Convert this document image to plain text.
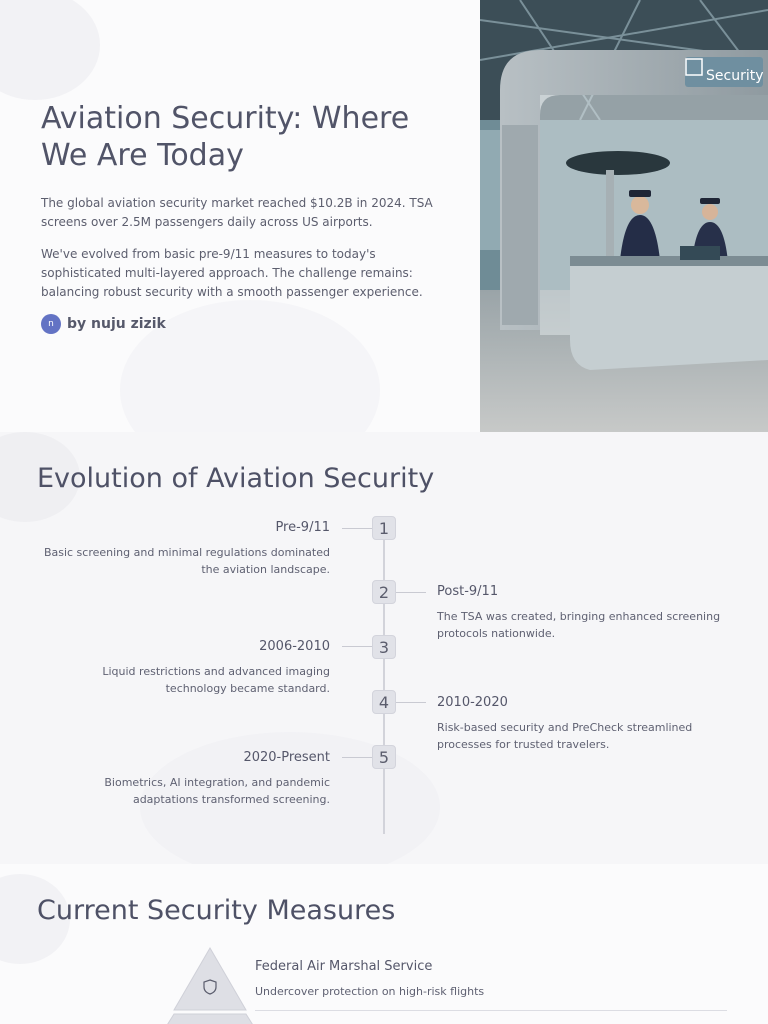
Aviation Security: Where We Are Today

The global aviation security market reached $10.2B in 2024. TSA screens over 2.5M passengers daily across US airports.

We've evolved from basic pre-9/11 measures to today's sophisticated multi-layered approach. The challenge remains: balancing robust security with a smooth passenger experience.

n by nuju zizik
Security
Evolution of Aviation Security
1
2
3
4
5
Pre-9/11
Basic screening and minimal regulations dominated the aviation landscape.
Post-9/11
The TSA was created, bringing enhanced screening protocols nationwide.
2006-2010
Liquid restrictions and advanced imaging technology became standard.
2010-2020
Risk-based security and PreCheck streamlined processes for trusted travelers.
2020-Present
Biometrics, AI integration, and pandemic adaptations transformed screening.
Current Security Measures
Federal Air Marshal Service
Undercover protection on high-risk flights
